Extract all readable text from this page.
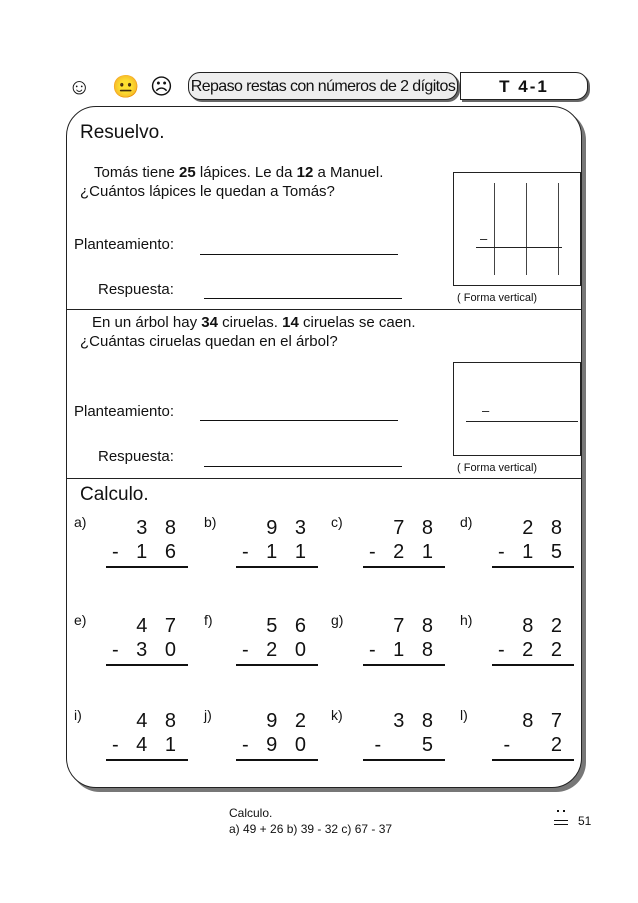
☺ 😐 ☹ Repaso restas con números de 2 dígitos	T 4-1
Resuelvo.
Tomás tiene 25 lápices. Le da 12 a Manuel.
¿Cuántos lápices le quedan a Tomás?
Planteamiento:
Respuesta:
–
( Forma vertical)
En un árbol hay 34 ciruelas. 14 ciruelas se caen.
¿Cuántas ciruelas quedan en el árbol?
Planteamiento:
Respuesta:
–
( Forma vertical)
Calculo.
a)	3 8
- 1 6
b)	9 3
- 1 1
c)	7 8
- 2 1
d)	2 8
- 1 5
e)	4 7
- 3 0
f)	5 6
- 2 0
g)	7 8
- 1 8
h)	8 2
- 2 2
i)	4 8
- 4 1
j)	9 2
- 9 0
k)	3 8
-   5
l)	8 7
-   2
Calculo.
a) 49 + 26 b) 39 - 32 c) 67 - 37
51
